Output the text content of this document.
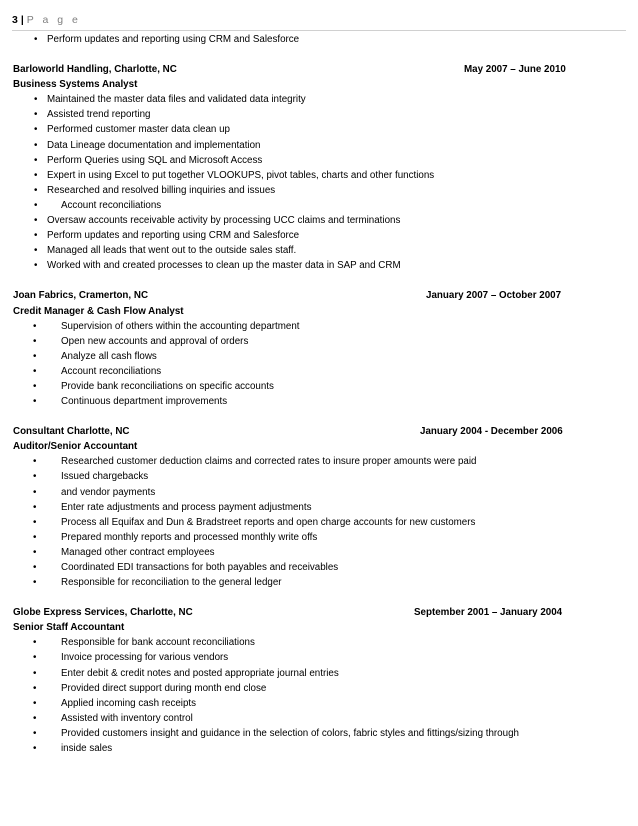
3 | P a g e
• Perform updates and reporting using CRM and Salesforce
Barloworld Handling, Charlotte, NC	May 2007 – June 2010
Business Systems Analyst
• Maintained the master data files and validated data integrity
• Assisted trend reporting
• Performed customer master data clean up
• Data Lineage documentation and implementation
• Perform Queries using SQL and Microsoft Access
• Expert in using Excel to put together VLOOKUPS, pivot tables, charts and other functions
• Researched and resolved billing inquiries and issues
• Account reconciliations
• Oversaw accounts receivable activity by processing UCC claims and terminations
• Perform updates and reporting using CRM and Salesforce
• Managed all leads that went out to the outside sales staff.
• Worked with and created processes to clean up the master data in SAP and CRM
Joan Fabrics, Cramerton, NC	January 2007 – October 2007
Credit Manager & Cash Flow Analyst
•	Supervision of others within the accounting department
•	Open new accounts and approval of orders
•	Analyze all cash flows
•	Account reconciliations
•	Provide bank reconciliations on specific accounts
•	Continuous department improvements
Consultant Charlotte, NC	January 2004 - December 2006
Auditor/Senior Accountant
•	Researched customer deduction claims and corrected rates to insure proper amounts were paid
•	Issued chargebacks
•	and vendor payments
•	Enter rate adjustments and process payment adjustments
•	Process all Equifax and Dun & Bradstreet reports and open charge accounts for new customers
•	Prepared monthly reports and processed monthly write offs
•	Managed other contract employees
•	Coordinated EDI transactions for both payables and receivables
•	Responsible for reconciliation to the general ledger
Globe Express Services, Charlotte, NC	September 2001 – January 2004
Senior Staff Accountant
•	Responsible for bank account reconciliations
•	Invoice processing for various vendors
•	Enter debit & credit notes and posted appropriate journal entries
•	Provided direct support during month end close
•	Applied incoming cash receipts
•	Assisted with inventory control
•	Provided customers insight and guidance in the selection of colors, fabric styles and fittings/sizing through
•	inside sales
